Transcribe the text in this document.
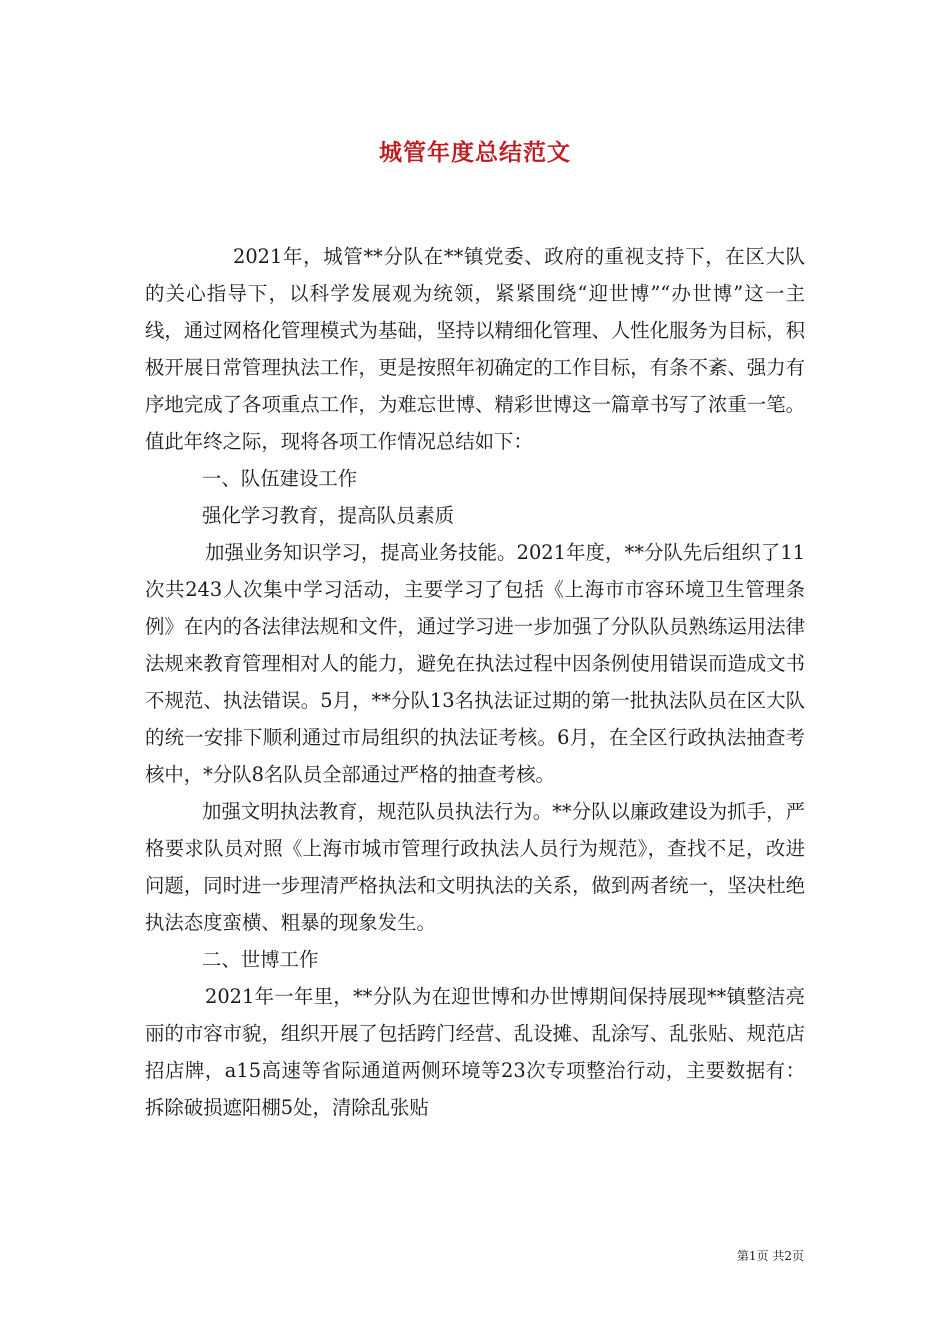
城管年度总结范文

2021年，城管**分队在**镇党委、政府的重视支持下，在区大队的关心指导下，以科学发展观为统领，紧紧围绕“迎世博”“办世博”这一主线，通过网格化管理模式为基础，坚持以精细化管理、人性化服务为目标，积极开展日常管理执法工作，更是按照年初确定的工作目标，有条不紊、强力有序地完成了各项重点工作，为难忘世博、精彩世博这一篇章书写了浓重一笔。值此年终之际，现将各项工作情况总结如下：

一、队伍建设工作

强化学习教育，提高队员素质

加强业务知识学习，提高业务技能。2021年度，**分队先后组织了11次共243人次集中学习活动，主要学习了包括《上海市市容环境卫生管理条例》在内的各法律法规和文件，通过学习进一步加强了分队队员熟练运用法律法规来教育管理相对人的能力，避免在执法过程中因条例使用错误而造成文书不规范、执法错误。5月，**分队13名执法证过期的第一批执法队员在区大队的统一安排下顺利通过市局组织的执法证考核。6月，在全区行政执法抽查考核中，*分队8名队员全部通过严格的抽查考核。

加强文明执法教育，规范队员执法行为。**分队以廉政建设为抓手，严格要求队员对照《上海市城市管理行政执法人员行为规范》，查找不足，改进问题，同时进一步理清严格执法和文明执法的关系，做到两者统一，坚决杜绝执法态度蛮横、粗暴的现象发生。

二、世博工作

2021年一年里，**分队为在迎世博和办世博期间保持展现**镇整洁亮丽的市容市貌，组织开展了包括跨门经营、乱设摊、乱涂写、乱张贴、规范店招店牌，a15高速等省际通道两侧环境等23次专项整治行动，主要数据有：拆除破损遮阳棚5处，清除乱张贴

第1页 共2页
